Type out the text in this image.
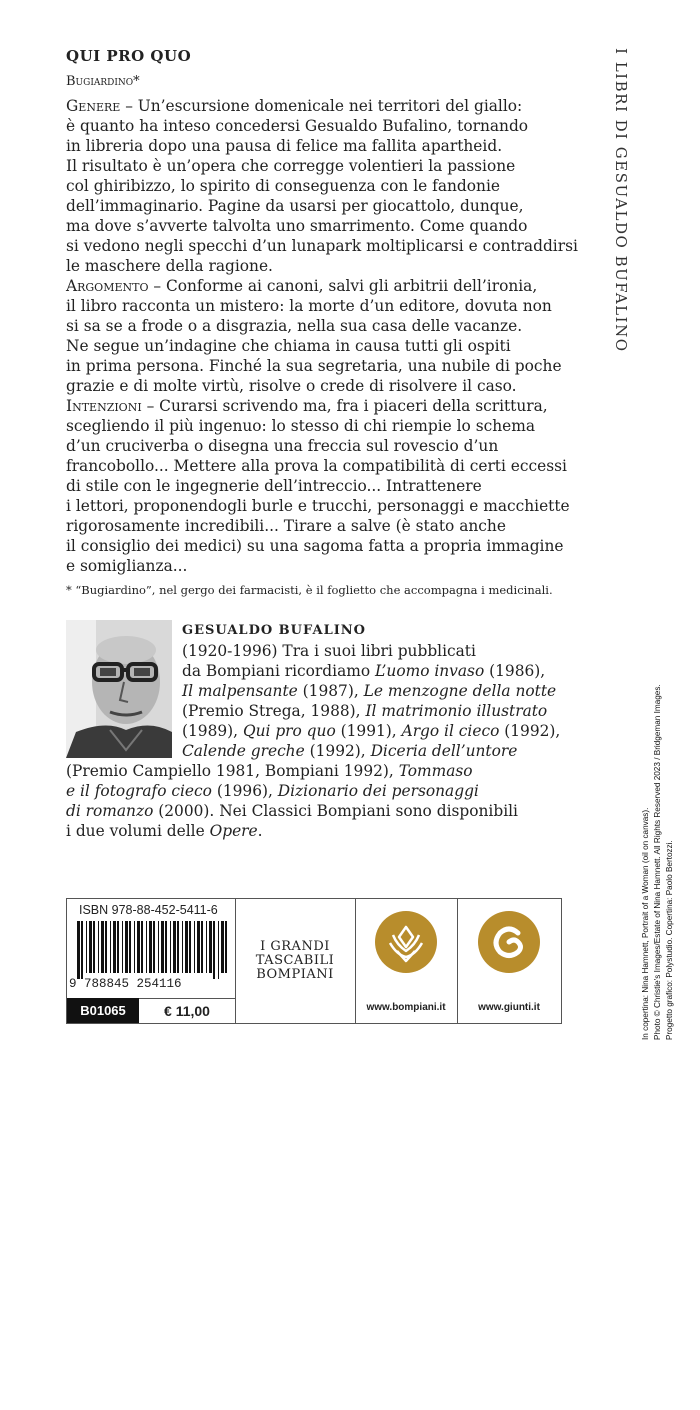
QUI PRO QUO
Bugiardino*	I LIBRI DI GESUALDO BUFALINO
Genere – Un’escursione domenicale nei territori del giallo:
è quanto ha inteso concedersi Gesualdo Bufalino, tornando
in libreria dopo una pausa di felice ma fallita apartheid.
Il risultato è un’opera che corregge volentieri la passione
col ghiribizzo, lo spirito di conseguenza con le fandonie
dell’immaginario. Pagine da usarsi per giocattolo, dunque,
ma dove s’avverte talvolta uno smarrimento. Come quando
si vedono negli specchi d’un lunapark moltiplicarsi e contraddirsi
le maschere della ragione.
Argomento – Conforme ai canoni, salvi gli arbitrii dell’ironia,
il libro racconta un mistero: la morte d’un editore, dovuta non
si sa se a frode o a disgrazia, nella sua casa delle vacanze.
Ne segue un’indagine che chiama in causa tutti gli ospiti
in prima persona. Finché la sua segretaria, una nubile di poche
grazie e di molte virtù, risolve o crede di risolvere il caso.
Intenzioni – Curarsi scrivendo ma, fra i piaceri della scrittura,
scegliendo il più ingenuo: lo stesso di chi riempie lo schema
d’un cruciverba o disegna una freccia sul rovescio d’un
francobollo... Mettere alla prova la compatibilità di certi eccessi
di stile con le ingegnerie dell’intreccio... Intrattenere
i lettori, proponendogli burle e trucchi, personaggi e macchiette
rigorosamente incredibili... Tirare a salve (è stato anche
il consiglio dei medici) su una sagoma fatta a propria immagine
e somiglianza...
* “Bugiardino”, nel gergo dei farmacisti, è il foglietto che accompagna i medicinali.
GESUALDO BUFALINO
(1920-1996) Tra i suoi libri pubblicati
da Bompiani ricordiamo L’uomo invaso (1986),
Il malpensante (1987), Le menzogne della notte
(Premio Strega, 1988), Il matrimonio illustrato
(1989), Qui pro quo (1991), Argo il cieco (1992),
Calende greche (1992), Diceria dell’untore
(Premio Campiello 1981, Bompiani 1992), Tommaso
e il fotografo cieco (1996), Dizionario dei personaggi
di romanzo (2000). Nei Classici Bompiani sono disponibili
i due volumi delle Opere.	In copertina: Nina Hamnett, Portrait of a Woman (oil on canvas). Photo © Christie's Images/Estate of Nina Hamnett. All Rights Reserved 2023 / Bridgeman Images. Progetto grafico: Polystudio. Copertina: Paolo Bertozzi.
ISBN 978-88-452-5411-6
9 788845 254116
B01065	€ 11,00
I GRANDI
TASCABILI
BOMPIANI
www.bompiani.it	www.giunti.it
